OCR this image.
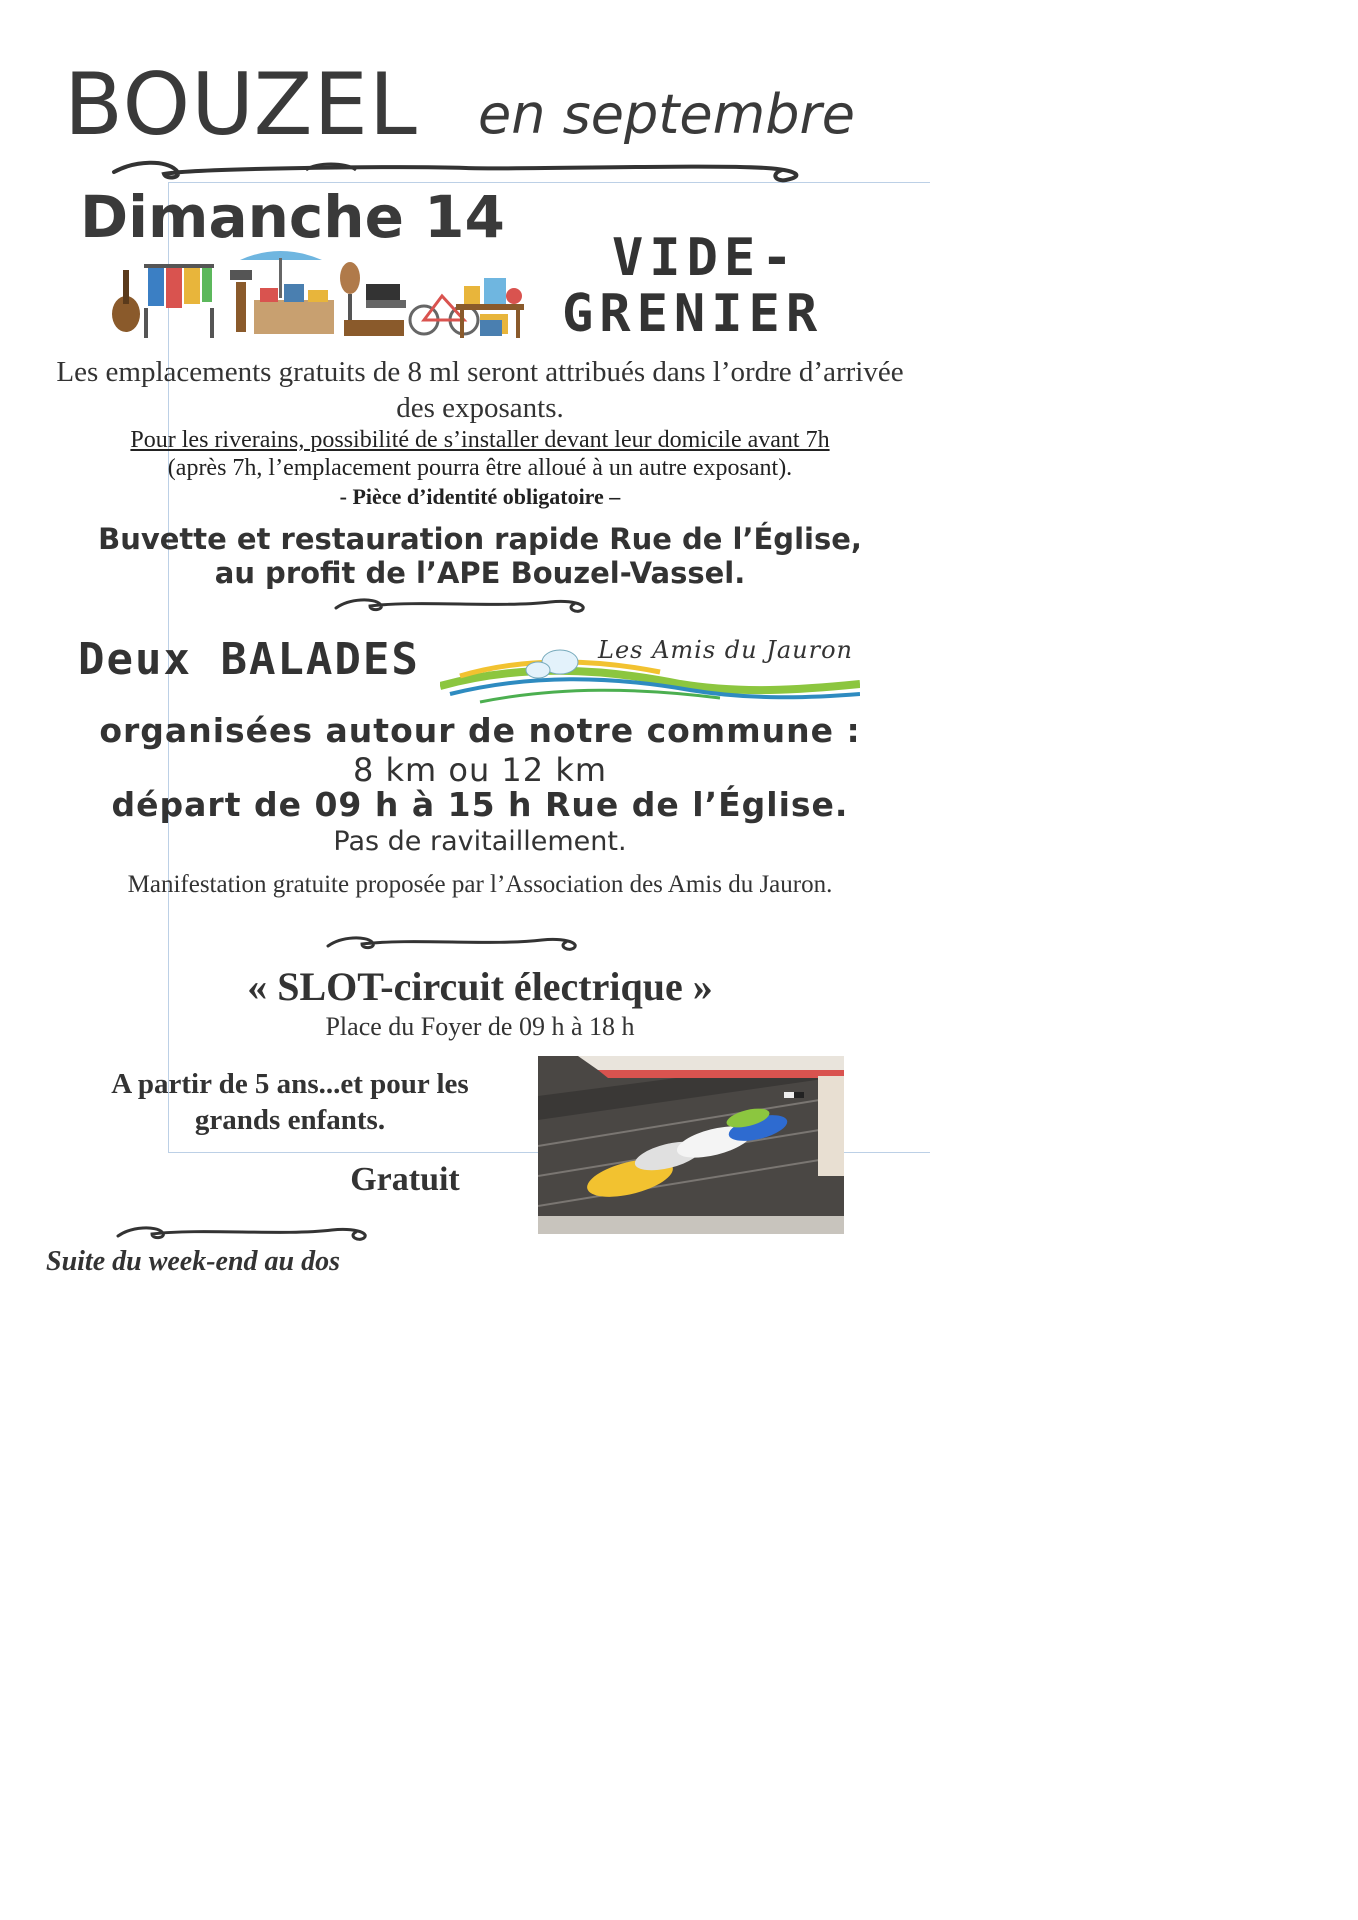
BOUZEL en septembre
Dimanche 14
VIDE-
GRENIER
Les emplacements gratuits de 8 ml seront attribués dans l’ordre d’arrivée des exposants.
Pour les riverains, possibilité de s’installer devant leur domicile avant 7h
(après 7h, l’emplacement pourra être alloué à un autre exposant).
- Pièce d’identité obligatoire –
Buvette et restauration rapide Rue de l’Église,
au profit de l’APE Bouzel-Vassel.
Deux BALADES	Les Amis du Jauron
organisées autour de notre commune :
8 km ou 12 km
départ de 09 h à 15 h Rue de l’Église.
Pas de ravitaillement.
Manifestation gratuite proposée par l’Association des Amis du Jauron.
« SLOT-circuit électrique »
Place du Foyer de 09 h à 18 h
A partir de 5 ans...et pour les grands enfants.
Gratuit
Suite du week-end au dos
